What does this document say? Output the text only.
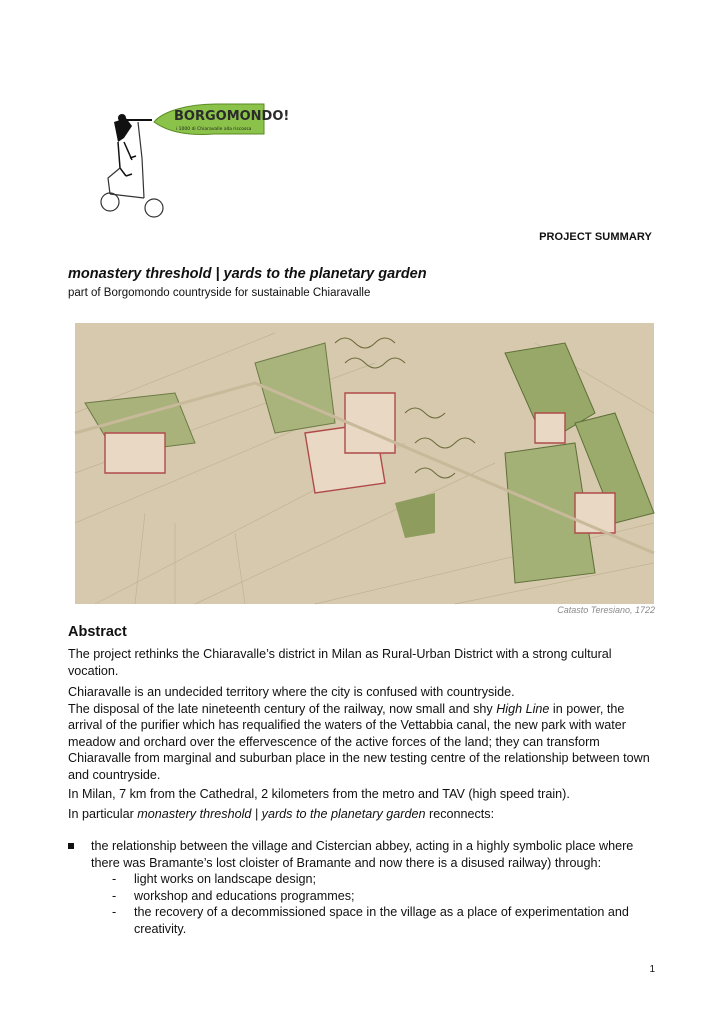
BORGOMONDO!
i 1000 di Chiaravalle alla riscossa
PROJECT SUMMARY
monastery threshold | yards to the planetary garden
part of Borgomondo countryside for sustainable Chiaravalle
Catasto Teresiano, 1722
Abstract
The project rethinks the Chiaravalle’s district in Milan as Rural-Urban District with a strong cultural vocation.
Chiaravalle is an undecided territory where the city is confused with countryside.
The disposal of the late nineteenth century of the railway, now small and shy High Line in power, the arrival of the purifier which has requalified the waters of the Vettabbia canal, the new park with water meadow and orchard over the effervescence of the active forces of the land; they can transform Chiaravalle from marginal and suburban place in the new testing centre of the relationship between town and countryside.
In Milan, 7 km from the Cathedral, 2 kilometers from the metro and TAV (high speed train).
In particular monastery threshold | yards to the planetary garden reconnects:
the relationship between the village and Cistercian abbey, acting in a highly symbolic place where there was Bramante’s lost cloister of Bramante and now there is a disused railway) through:
- light works on landscape design;
- workshop and educations programmes;
- the recovery of a decommissioned space in the village as a place of experimentation and creativity.
1
